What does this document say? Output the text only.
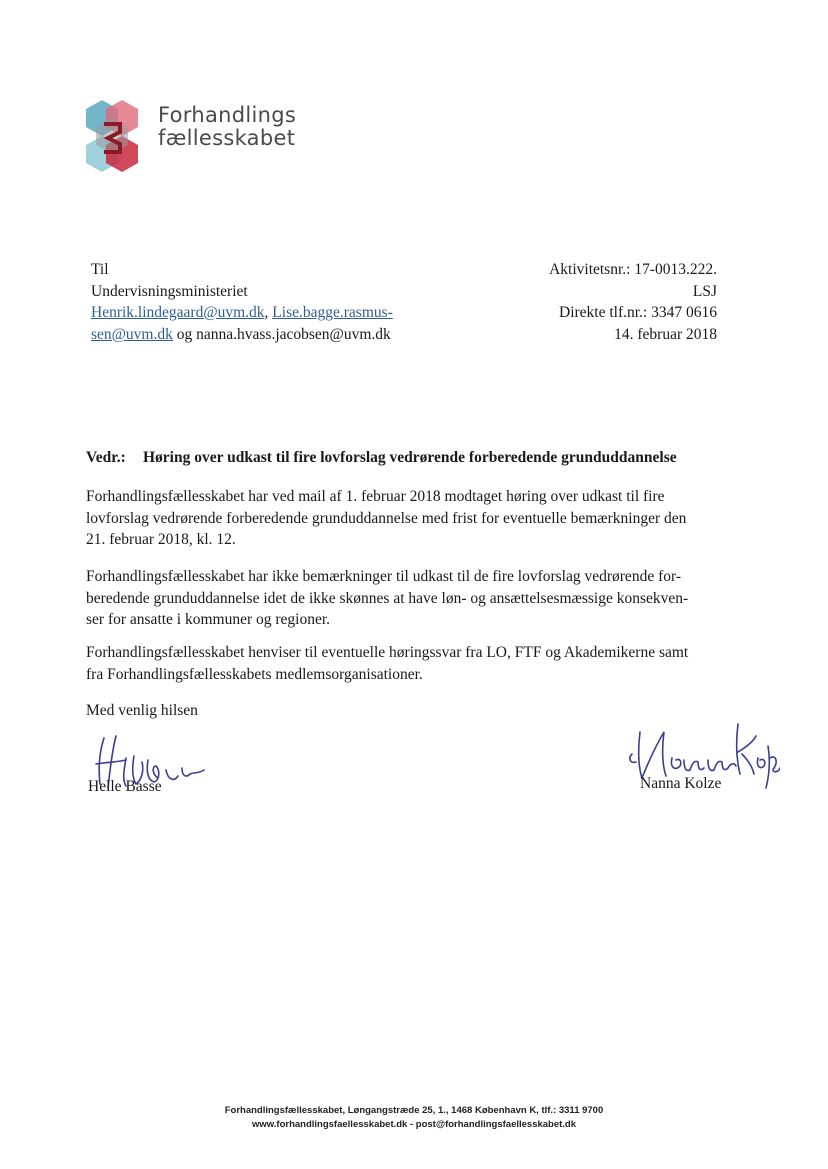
Forhandlings
fællesskabet
Til
Undervisningsministeriet
Henrik.lindegaard@uvm.dk, Lise.bagge.rasmus-
sen@uvm.dk og nanna.hvass.jacobsen@uvm.dk
Aktivitetsnr.: 17-0013.222.
LSJ
Direkte tlf.nr.: 3347 0616
14. februar 2018
Vedr.: Høring over udkast til fire lovforslag vedrørende forberedende grunduddannelse
Forhandlingsfællesskabet har ved mail af 1. februar 2018 modtaget høring over udkast til fire
lovforslag vedrørende forberedende grunduddannelse med frist for eventuelle bemærkninger den
21. februar 2018, kl. 12.
Forhandlingsfællesskabet har ikke bemærkninger til udkast til de fire lovforslag vedrørende for-
beredende grunduddannelse idet de ikke skønnes at have løn- og ansættelsesmæssige konsekven-
ser for ansatte i kommuner og regioner.
Forhandlingsfællesskabet henviser til eventuelle høringssvar fra LO, FTF og Akademikerne samt
fra Forhandlingsfællesskabets medlemsorganisationer.
Med venlig hilsen
Helle Basse	Nanna Kolze
Forhandlingsfællesskabet, Løngangstræde 25, 1., 1468 København K, tlf.: 3311 9700
www.forhandlingsfaellesskabet.dk - post@forhandlingsfaellesskabet.dk
